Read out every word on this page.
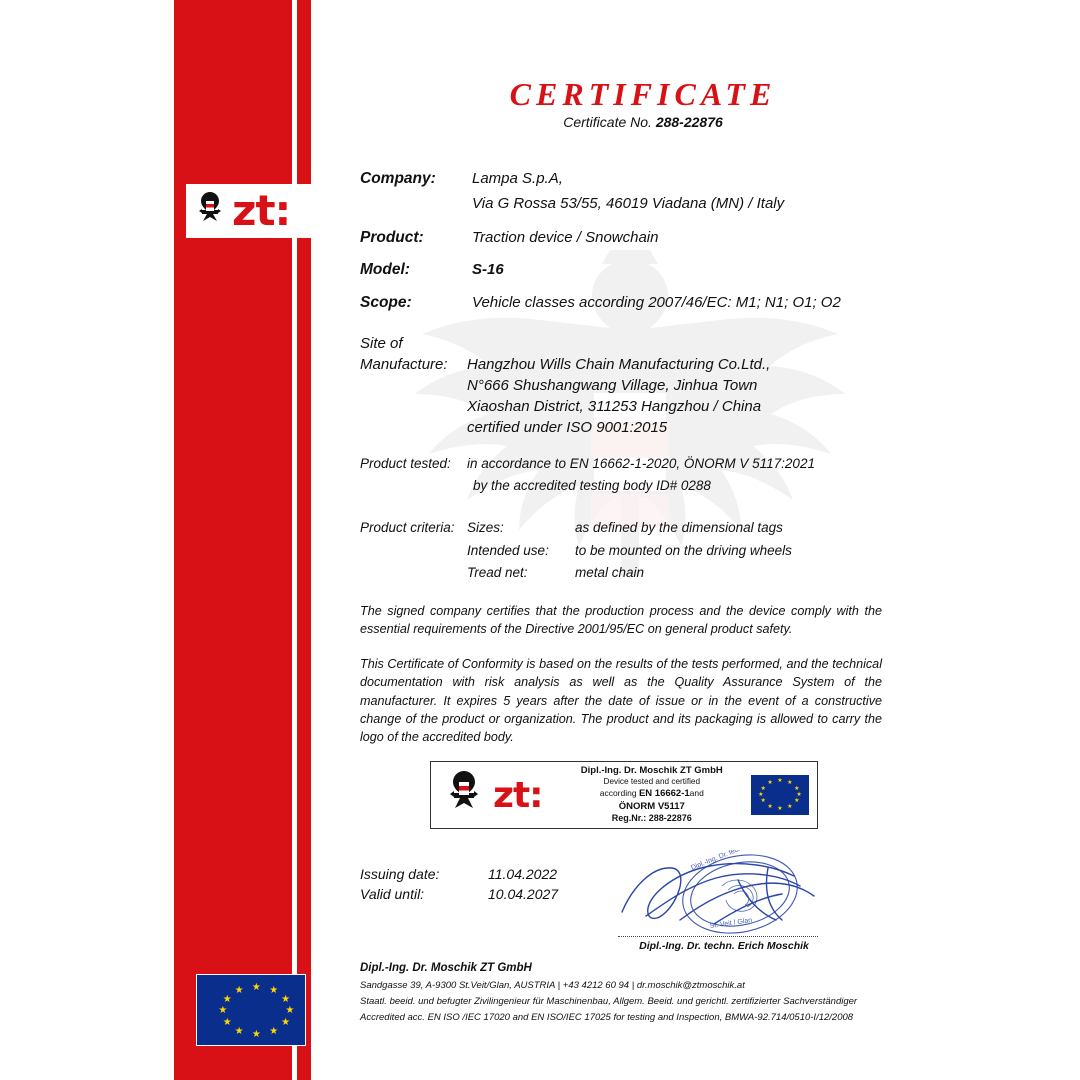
zt:
★ ★
★
★
★
★
★
★
★
★
★
★
CERTIFICATE
Certificate No. 288-22876
Company: Lampa S.p.A,
Via G Rossa 53/55, 46019 Viadana (MN) / Italy
Product:	Traction device / Snowchain
Model:	S-16
Scope:	Vehicle classes according 2007/46/EC: M1; N1; O1; O2
Site of
Manufacture: Hangzhou Wills Chain Manufacturing Co.Ltd.,
N°666 Shushangwang Village, Jinhua Town
Xiaoshan District, 311253 Hangzhou / China
certified under ISO 9001:2015
Product tested: in accordance to EN 16662-1-2020, ÖNORM V 5117:2021
by the accredited testing body ID# 0288
Product criteria: Sizes:	as defined by the dimensional tags
Intended use: to be mounted on the driving wheels
Tread net:	metal chain
The signed company certifies that the production process and the device comply with the essential requirements of the Directive 2001/95/EC on general product safety.
This Certificate of Conformity is based on the results of the tests performed, and the technical documentation with risk analysis as well as the Quality Assurance System of the manufacturer. It expires 5 years after the date of issue or in the event of a constructive change of the product or organization. The product and its packaging is allowed to carry the logo of the accredited body.
zt:
Dipl.-Ing. Dr. Moschik ZT GmbH
Device tested and certified
according EN 16662-1and
ÖNORM V5117
Reg.Nr.: 288-22876
★ ★
★
★
★
★
★
★
★
★
★
★
Issuing date:	11.04.2022
Valid until:	10.04.2027
Dipl.-Ing. Dr. techn. Erich Mo
St. Veit / Glan
Dipl.-Ing. Dr. techn. Erich Moschik
Dipl.-Ing. Dr. Moschik ZT GmbH
Sandgasse 39, A-9300 St.Veit/Glan, AUSTRIA | +43 4212 60 94 | dr.moschik@ztmoschik.at
Staatl. beeid. und befugter Zivilingenieur für Maschinenbau, Allgem. Beeid. und gerichtl. zertifizierter Sachverständiger
Accredited acc. EN ISO /IEC 17020 and EN ISO/IEC 17025 for testing and Inspection, BMWA-92.714/0510-I/12/2008
